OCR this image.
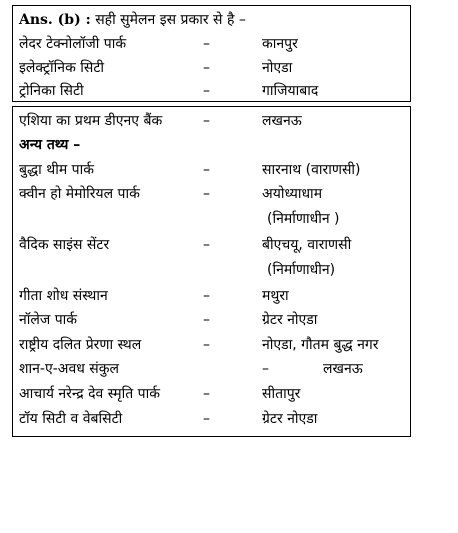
Ans. (b) : सही सुमेलन इस प्रकार से है –
लेदर टेक्नोलॉजी पार्क	–	कानपुर
इलेक्ट्रॉनिक सिटी	–	नोएडा
ट्रोनिका सिटी	–	गाजियाबाद
एशिया का प्रथम डीएनए बैंक	–	लखनऊ
अन्य तथ्य –
बुद्धा थीम पार्क	–	सारनाथ (वाराणसी)
क्वीन हो मेमोरियल पार्क	–	अयोध्याधाम
(निर्माणाधीन )
वैदिक साइंस सेंटर	–	बीएचयू, वाराणसी
(निर्माणाधीन)
गीता शोध संस्थान	–	मथुरा
नॉलेज पार्क	–	ग्रेटर नोएडा
राष्ट्रीय दलित प्रेरणा स्थल	–	नोएडा, गौतम बुद्ध नगर
शान-ए-अवध संकुल	–	लखनऊ
आचार्य नरेन्द्र देव स्मृति पार्क	–	सीतापुर
टॉय सिटी व वेबसिटी	–	ग्रेटर नोएडा
